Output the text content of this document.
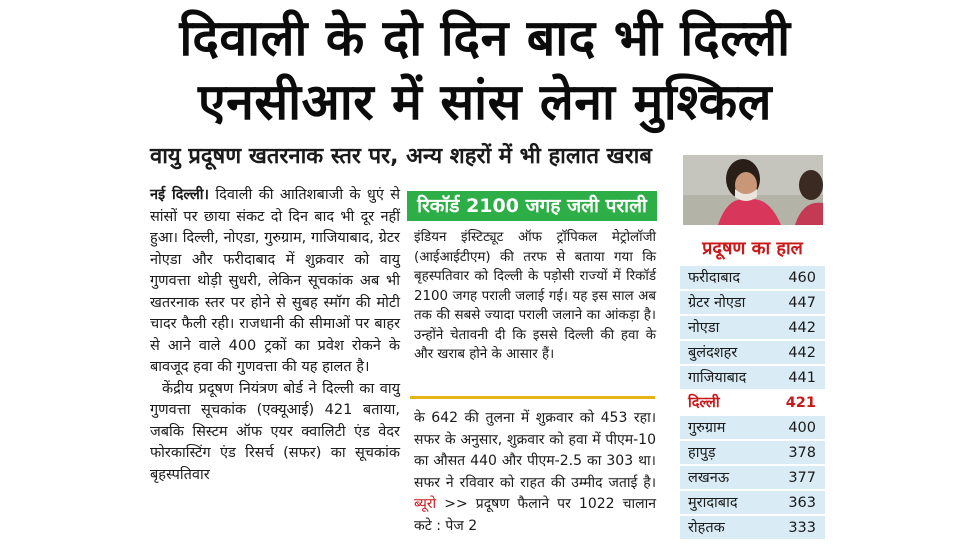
दिवाली के दो दिन बाद भी दिल्ली
एनसीआर में सांस लेना मुश्किल
वायु प्रदूषण खतरनाक स्तर पर, अन्य शहरों में भी हालात खराब

नई दिल्ली। दिवाली की आतिशबाजी के धुएं से सांसों पर छाया संकट दो दिन बाद भी दूर नहीं हुआ। दिल्ली, नोएडा, गुरुग्राम, गाजियाबाद, ग्रेटर नोएडा और फरीदाबाद में शुक्रवार को वायु गुणवत्ता थोड़ी सुधरी, लेकिन सूचकांक अब भी खतरनाक स्तर पर होने से सुबह स्मॉग की मोटी चादर फैली रही। राजधानी की सीमाओं पर बाहर से आने वाले 400 ट्रकों का प्रवेश रोकने के बावजूद हवा की गुणवत्ता की यह हालत है।

केंद्रीय प्रदूषण नियंत्रण बोर्ड ने दिल्ली का वायु गुणवत्ता सूचकांक (एक्यूआई) 421 बताया, जबकि सिस्टम ऑफ एयर क्वालिटी एंड वेदर फोरकास्टिंग एंड रिसर्च (सफर) का सूचकांक बृहस्पतिवार

रिकॉर्ड 2100 जगह जली पराली
इंडियन इंस्टिट्यूट ऑफ ट्रॉपिकल मेट्रोलॉजी (आईआईटीएम) की तरफ से बताया गया कि बृहस्पतिवार को दिल्ली के पड़ोसी राज्यों में रिकॉर्ड 2100 जगह पराली जलाई गई। यह इस साल अब तक की सबसे ज्यादा पराली जलाने का आंकड़ा है। उन्होंने चेतावनी दी कि इससे दिल्ली की हवा के और खराब होने के आसार हैं।
के 642 की तुलना में शुक्रवार को 453 रहा। सफर के अनुसार, शुक्रवार को हवा में पीएम-10 का औसत 440 और पीएम-2.5 का 303 था। सफर ने रविवार को राहत की उम्मीद जताई है। ब्यूरो >> प्रदूषण फैलाने पर 1022 चालान कटे : पेज 2
प्रदूषण का हाल
फरीदाबाद	460
ग्रेटर नोएडा	447
नोएडा	442
बुलंदशहर	442
गाजियाबाद	441
दिल्ली	421
गुरुग्राम	400
हापुड़	378
लखनऊ	377
मुरादाबाद	363
रोहतक	333
